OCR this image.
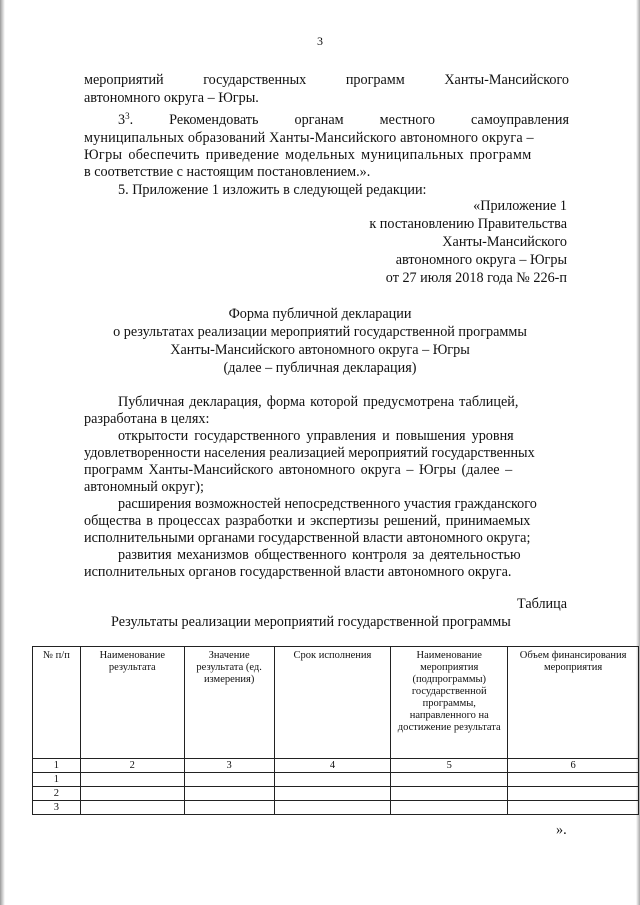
3
мероприятий	государственных	программ	Ханты-Мансийского
автономного округа – Югры.
$3^3$.	Рекомендовать	органам	местного	самоуправления
муниципальных образований Ханты-Мансийского автономного округа –
Югры обеспечить приведение модельных муниципальных программ
в соответствие с настоящим постановлением.».
5. Приложение 1 изложить в следующей редакции:
«Приложение 1
к постановлению Правительства
Ханты-Мансийского
автономного округа – Югры
от 27 июля 2018 года № 226-п
Форма публичной декларации
о результатах реализации мероприятий государственной программы
Ханты-Мансийского автономного округа – Югры
(далее – публичная декларация)
Публичная декларация, форма которой предусмотрена таблицей,
разработана в целях:
открытости государственного управления и повышения уровня
удовлетворенности населения реализацией мероприятий государственных
программ Ханты-Мансийского автономного округа – Югры (далее –
автономный округ);
расширения возможностей непосредственного участия гражданского
общества в процессах разработки и экспертизы решений, принимаемых
исполнительными органами государственной власти автономного округа;
развития механизмов общественного контроля за деятельностью
исполнительных органов государственной власти автономного округа.
Таблица
Результаты реализации мероприятий государственной программы
№ п/п	Наименование результата	Значение результата (ед. измерения)	Срок исполнения	Наименование мероприятия (подпрограммы) государственной программы, направленного на достижение результата	Объем финансирования мероприятия
1	2	3	4	5	6
1					
2					
3					
».
